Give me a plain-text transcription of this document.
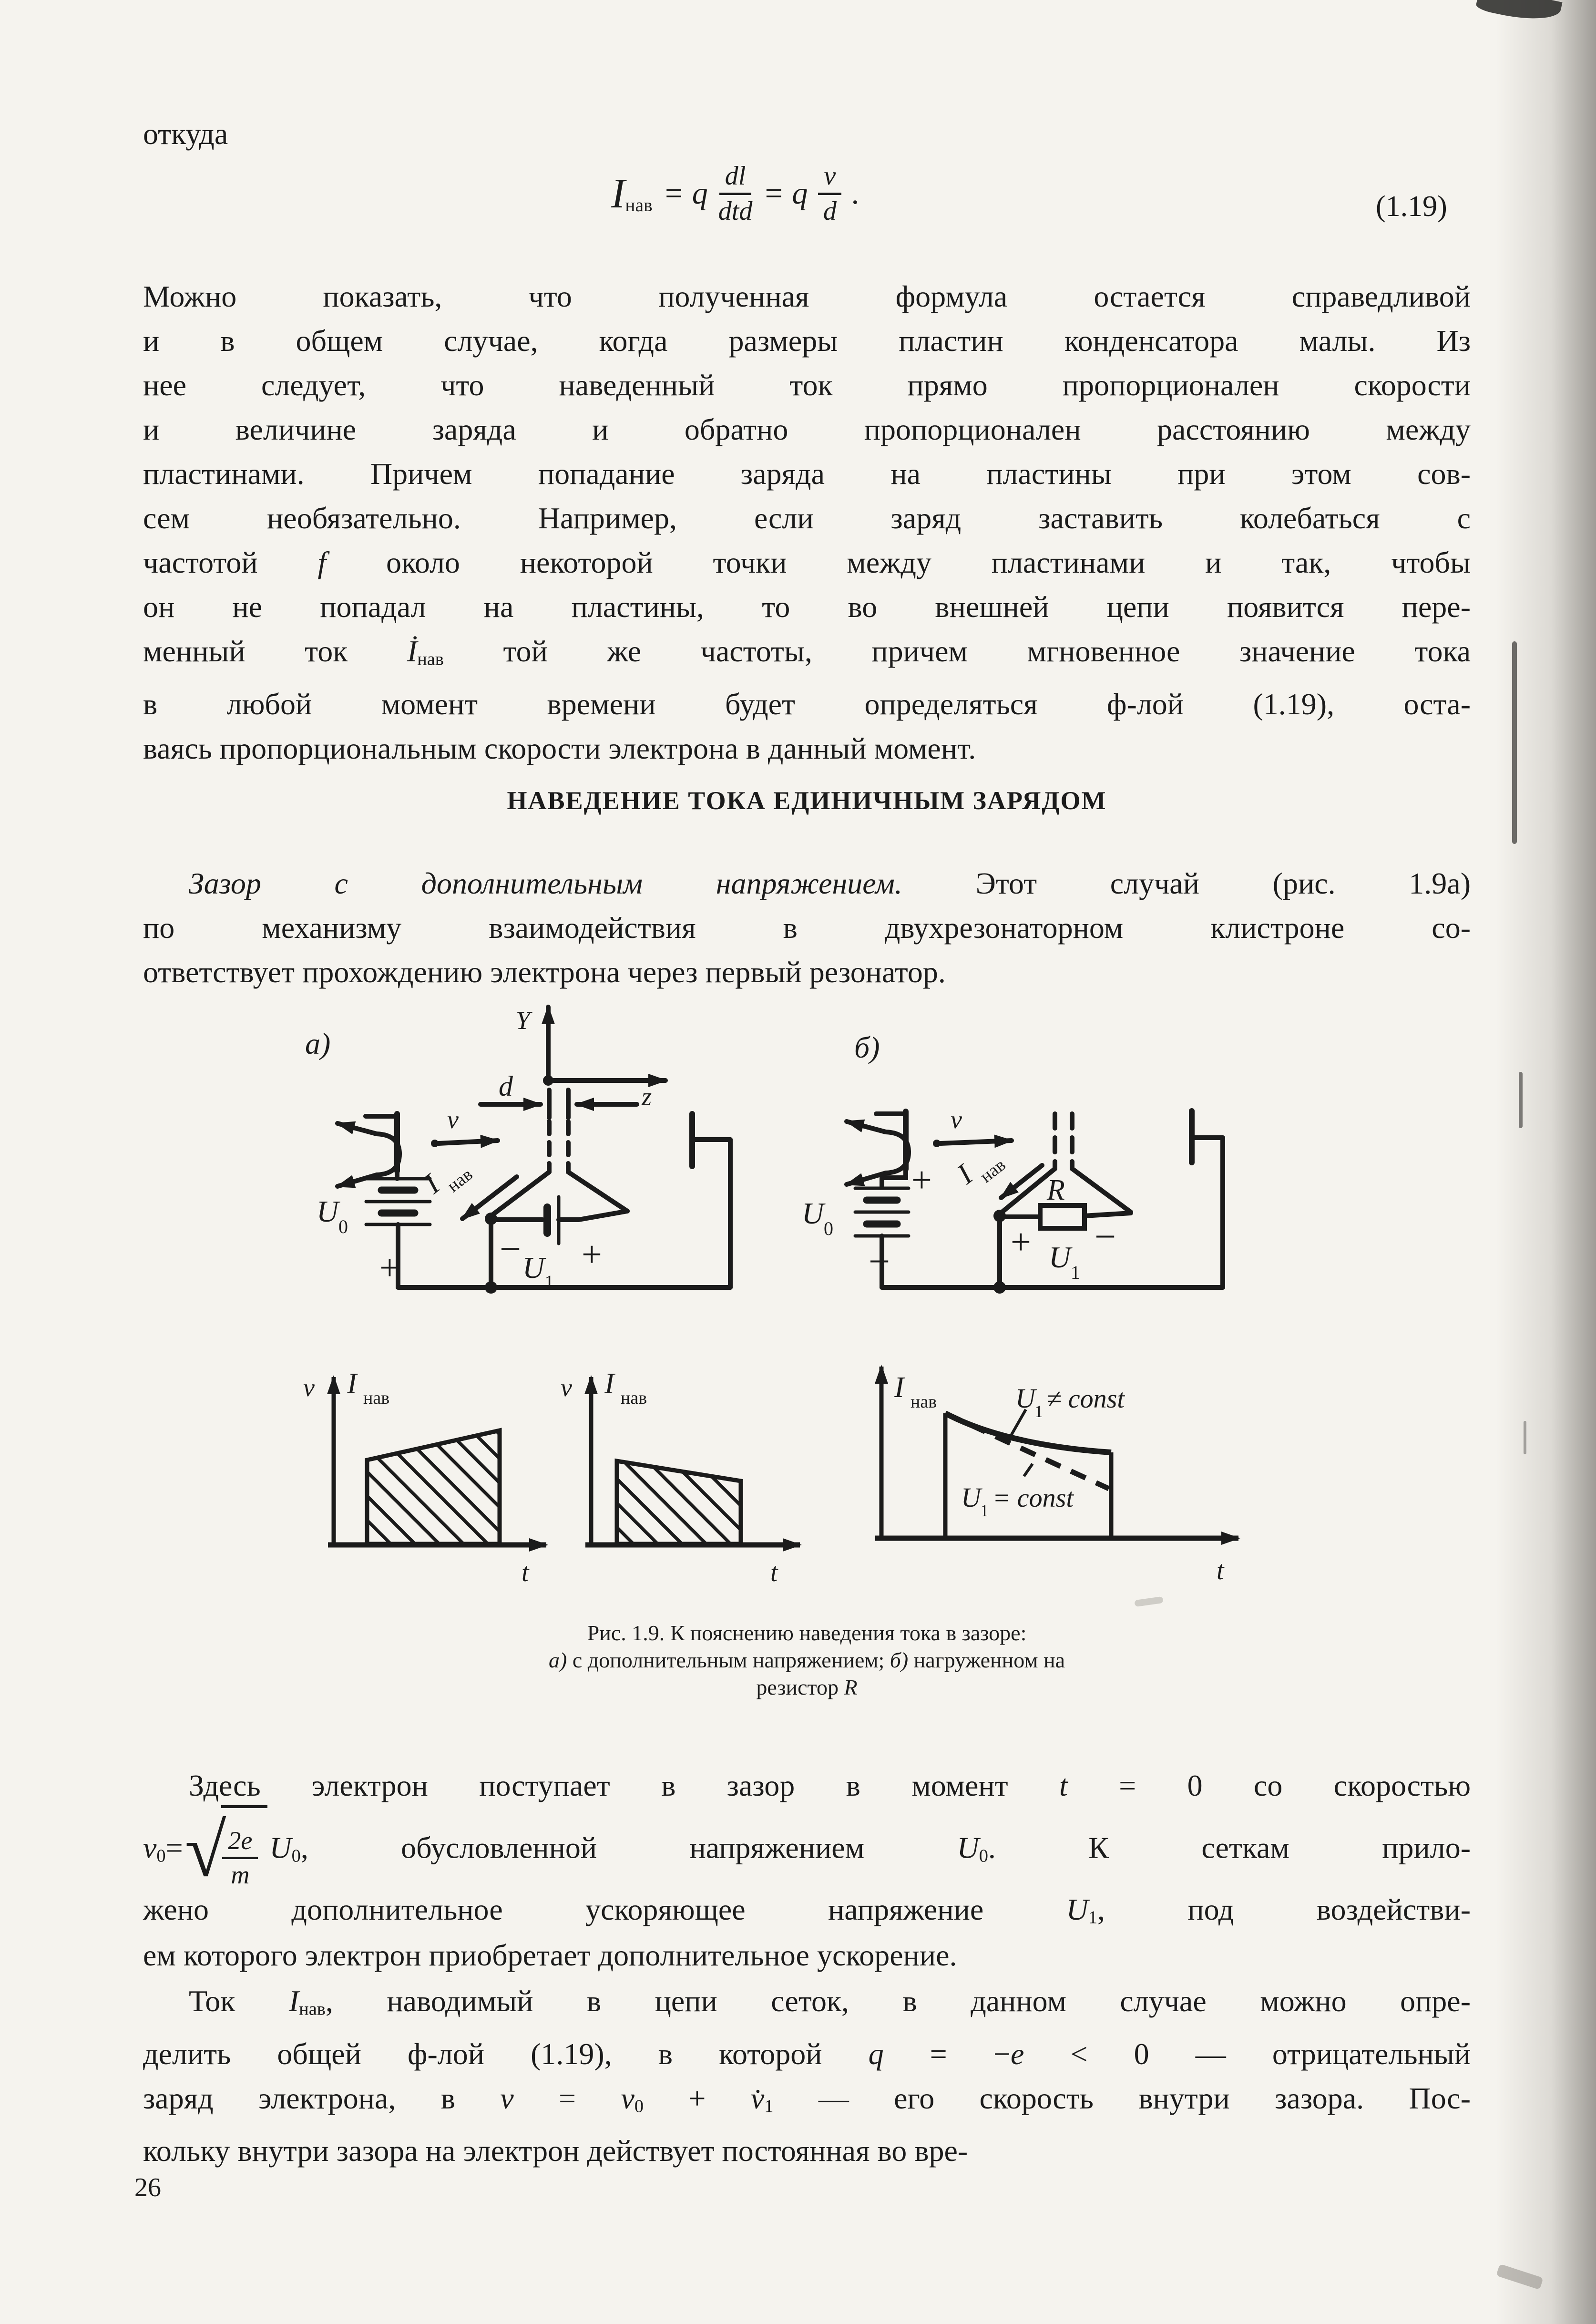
откуда
Iнав = q $\frac{dl}{\text{dtd}} = q \frac{v}{d}$ .	(1.19)
Можно показать, что полученная формула остается справедливой
и в общем случае, когда размеры пластин конденсатора малы. Из
нее следует, что наведенный ток прямо пропорционален скорости
и величине заряда и обратно пропорционален расстоянию между
пластинами. Причем попадание заряда на пластины при этом сов-
сем необязательно. Например, если заряд заставить колебаться с
частотой f около некоторой точки между пластинами и так, чтобы
он не попадал на пластины, то во внешней цепи появится пере-
менный ток İнав той же частоты, причем мгновенное значение тока
в любой момент времени будет определяться ф-лой (1.19), оста-
ваясь пропорциональным скорости электрона в данный момент.
НАВЕДЕНИЕ ТОКА ЕДИНИЧНЫМ ЗАРЯДОМ
Зазор с дополнительным напряжением. Этот случай (рис. 1.9а)
по механизму взаимодействия в двухрезонаторном клистроне со-
ответствует прохождению электрона через первый резонатор.
а)
Y
z
d
v
I
нав
U 0
+	− +
U 1
б)
v
I
нав
U 0
+
−
R
+ U 1
−
v I нав
t
v I нав
t
I нав	U
1 ≠ const
U
1 = const
t
Рис. 1.9. К пояснению наведения тока в зазоре:
а) с дополнительным напряжением; б) нагруженном на
резистор R
Здесь электрон поступает в зазор в момент t = 0 со скоростью
v0= √
$\frac{2e}{m} U0$, обусловленной напряжением U0. К сеткам прило-
жено дополнительное ускоряющее напряжение U1, под воздействи-
ем которого электрон приобретает дополнительное ускорение.
Ток Iнав, наводимый в цепи сеток, в данном случае можно опре-
делить общей ф-лой (1.19), в которой q = −e < 0 — отрицательный
заряд электрона, в v = v0 + v̇1 — его скорость внутри зазора. Пос-
кольку внутри зазора на электрон действует постоянная во вре-
26
